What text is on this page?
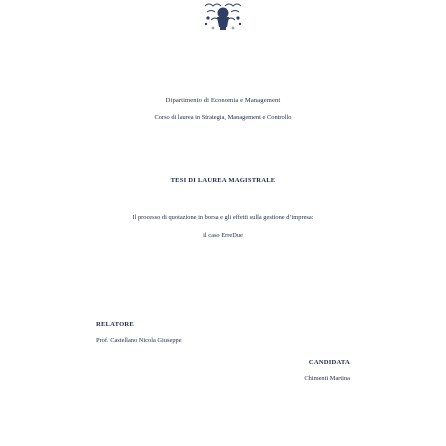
Dipartimento di Economia e Management
Corso di laurea in Strategia, Management e Controllo
TESI DI LAUREA MAGISTRALE
Il processo di quotazione in borsa e gli effetti sulla gestione d’impresa:
il caso ErreDue
RELATORE
Prof. Castellano Nicola Giuseppe
CANDIDATA
Chimenti Martina
